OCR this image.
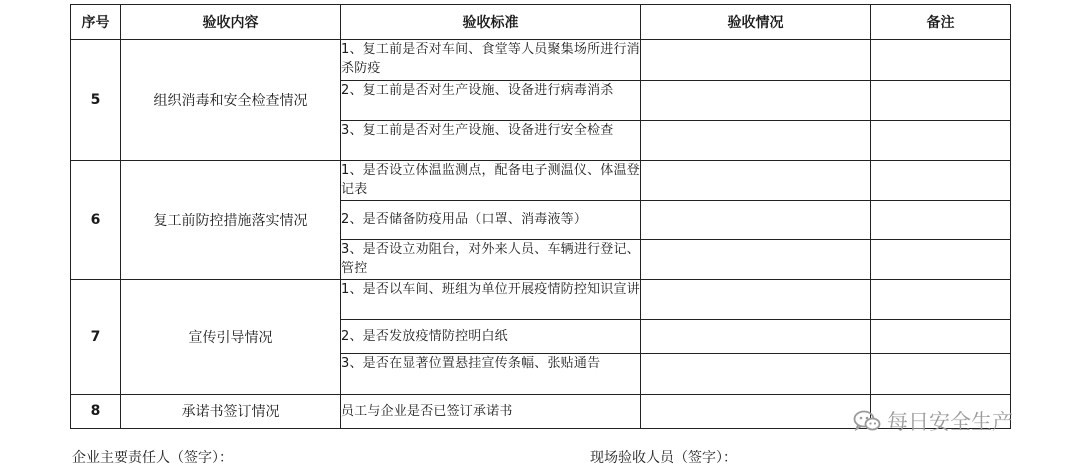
序号	验收内容	验收标准	验收情况	备注
5	组织消毒和安全检查情况	1、复工前是否对车间、食堂等人员聚集场所进行消杀防疫		
		2、复工前是否对生产设施、设备进行病毒消杀		
		3、复工前是否对生产设施、设备进行安全检查		
6	复工前防控措施落实情况	1、是否设立体温监测点，配备电子测温仪、体温登记表		
		2、是否储备防疫用品（口罩、消毒液等）		
		3、是否设立劝阻台，对外来人员、车辆进行登记、管控		
7	宣传引导情况	1、是否以车间、班组为单位开展疫情防控知识宣讲		
		2、是否发放疫情防控明白纸		
		3、是否在显著位置悬挂宣传条幅、张贴通告		
8	承诺书签订情况	员工与企业是否已签订承诺书		
企业主要责任人（签字）：	现场验收人员（签字）：
每日安全生产
